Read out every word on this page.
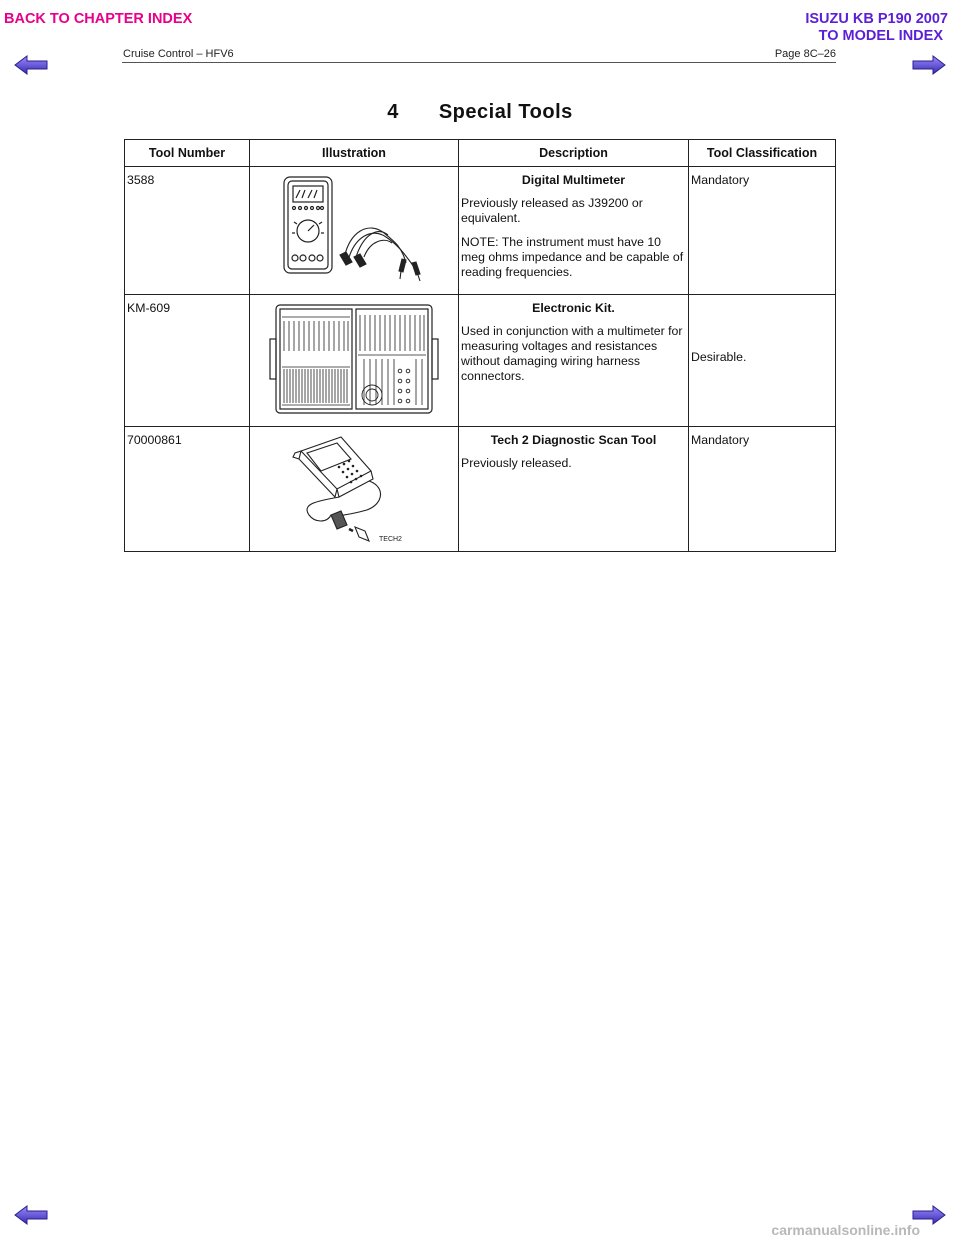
BACK TO CHAPTER INDEX	ISUZU KB P190 2007
TO MODEL INDEX
Cruise Control – HFV6	Page 8C–26
4 Special Tools
Tool Number	Illustration	Description	Tool Classification
3588		Digital Multimeter

Previously released as J39200 or equivalent.

NOTE: The instrument must have 10 meg ohms impedance and be capable of reading frequencies.	Mandatory
KM-609		Electronic Kit.

Used in conjunction with a multimeter for measuring voltages and resistances without damaging wiring harness connectors.	Desirable.
70000861	TECH2	Tech 2 Diagnostic Scan Tool

Previously released.	Mandatory
carmanualsonline.info
